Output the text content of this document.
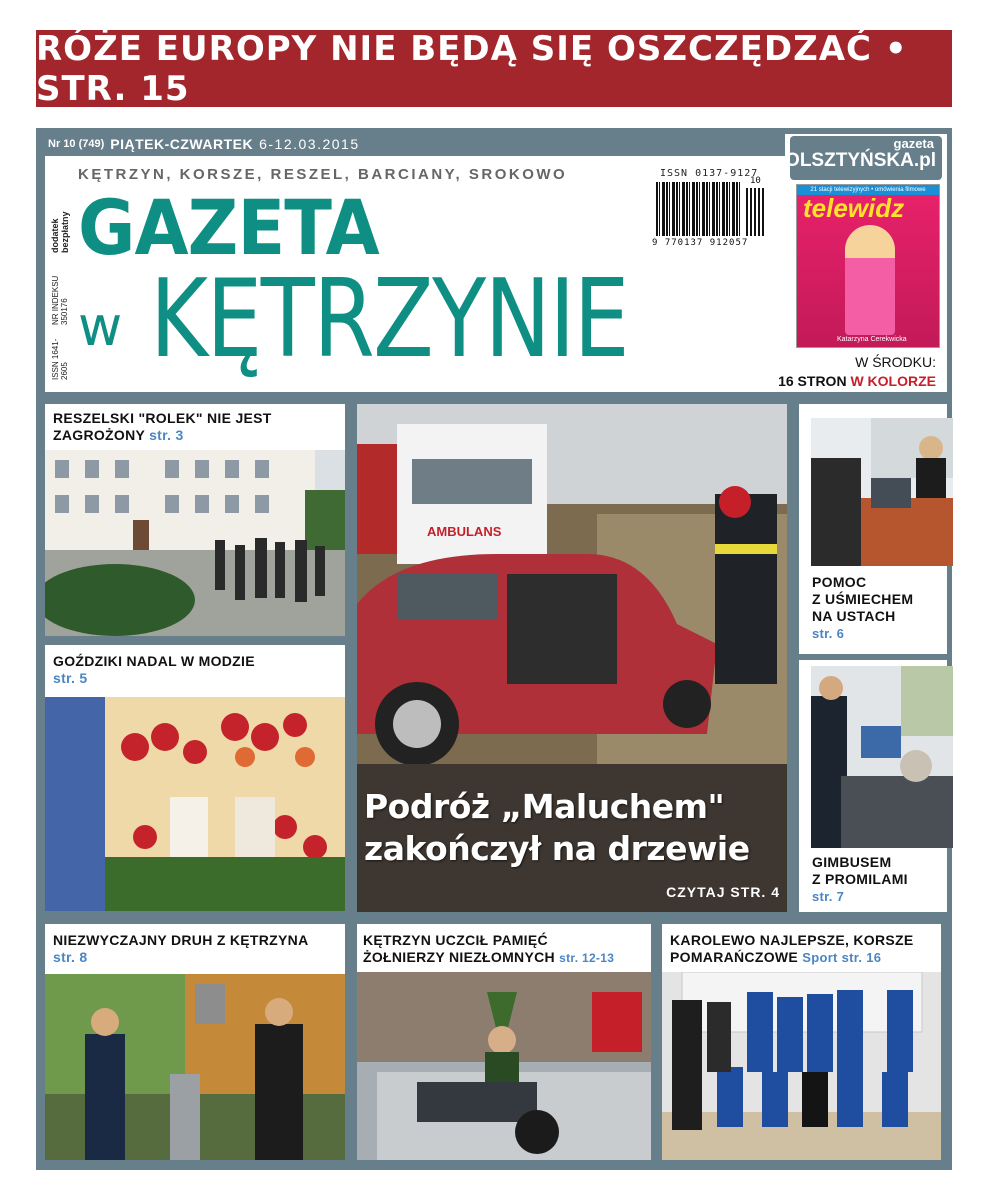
RÓŻE EUROPY NIE BĘDĄ SIĘ OSZCZĘDZAĆ • STR. 15
Nr 10 (749) PIĄTEK-CZWARTEK 6-12.03.2015
ISSN 1641-2605
NR INDEKSU 350176
dodatek bezpłatny
KĘTRZYN, KORSZE, RESZEL, BARCIANY, SROKOWO
GAZETA
w KĘTRZYNIE
ISSN 0137-9127
10
9 770137 912057
gazeta
OLSZTYŃSKA.pl
21 stacji telewizyjnych • omówienia filmowe
telewidz
Katarzyna Cerekwicka
W ŚRODKU:
16 STRON W KOLORZE
RESZELSKI "ROLEK" NIE JEST ZAGROŻONY str. 3
GOŹDZIKI NADAL W MODZIE
str. 5
AMBULANS
Podróż „Maluchem"
zakończył na drzewie
CZYTAJ STR. 4
POMOC
Z UŚMIECHEM
NA USTACH
str. 6
GIMBUSEM
Z PROMILAMI
str. 7
NIEZWYCZAJNY DRUH Z KĘTRZYNA
str. 8
KĘTRZYN UCZCIŁ PAMIĘĆ
ŻOŁNIERZY NIEZŁOMNYCH str. 12-13
KAROLEWO NAJLEPSZE, KORSZE
POMARAŃCZOWE Sport str. 16
